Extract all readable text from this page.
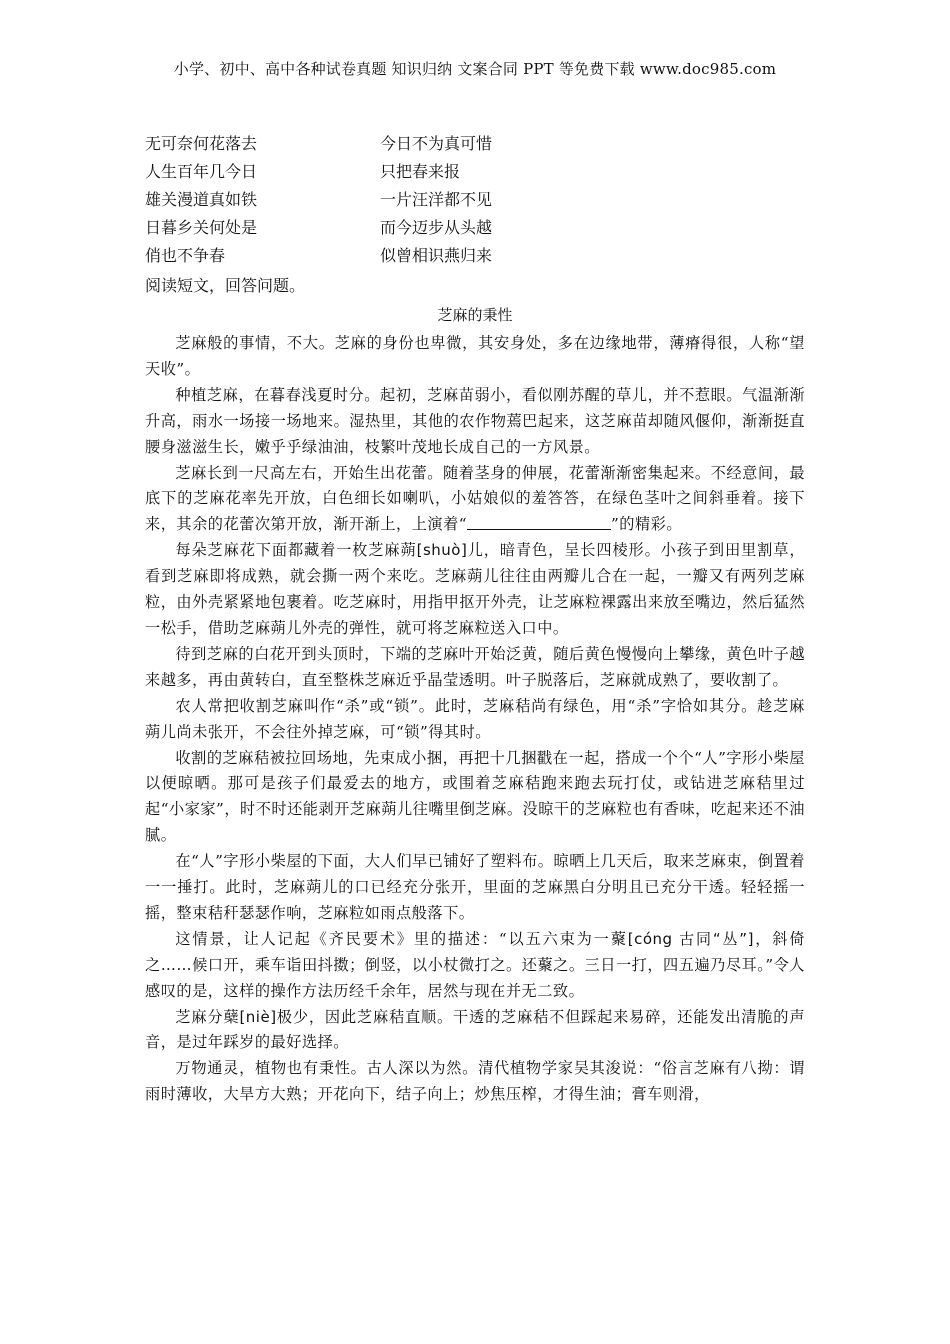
小学、初中、高中各种试卷真题 知识归纳 文案合同 PPT 等免费下载 www.doc985.com
无可奈何花落去	今日不为真可惜
人生百年几今日	只把春来报
雄关漫道真如铁	一片汪洋都不见
日暮乡关何处是	而今迈步从头越
俏也不争春	似曾相识燕归来
阅读短文，回答问题。
芝麻的秉性

芝麻般的事情，不大。芝麻的身份也卑微，其安身处，多在边缘地带，薄瘠得很，人称“望天收”。

种植芝麻，在暮春浅夏时分。起初，芝麻苗弱小，看似刚苏醒的草儿，并不惹眼。气温渐渐升高，雨水一场接一场地来。湿热里，其他的农作物蔫巴起来，这芝麻苗却随风偃仰，渐渐挺直腰身滋滋生长，嫩乎乎绿油油，枝繁叶茂地长成自己的一方风景。

芝麻长到一尺高左右，开始生出花蕾。随着茎身的伸展，花蕾渐渐密集起来。不经意间，最底下的芝麻花率先开放，白色细长如喇叭，小姑娘似的羞答答，在绿色茎叶之间斜垂着。接下来，其余的花蕾次第开放，渐开渐上，上演着“	”的精彩。

每朵芝麻花下面都藏着一枚芝麻蒴[shuò]儿，暗青色，呈长四棱形。小孩子到田里割草，看到芝麻即将成熟，就会撕一两个来吃。芝麻蒴儿往往由两瓣儿合在一起，一瓣又有两列芝麻粒，由外壳紧紧地包裹着。吃芝麻时，用指甲抠开外壳，让芝麻粒裸露出来放至嘴边，然后猛然一松手，借助芝麻蒴儿外壳的弹性，就可将芝麻粒送入口中。

待到芝麻的白花开到头顶时，下端的芝麻叶开始泛黄，随后黄色慢慢向上攀缘，黄色叶子越来越多，再由黄转白，直至整株芝麻近乎晶莹透明。叶子脱落后，芝麻就成熟了，要收割了。

农人常把收割芝麻叫作“杀”或“锁”。此时，芝麻秸尚有绿色，用“杀”字恰如其分。趁芝麻蒴儿尚未张开，不会往外掉芝麻，可“锁”得其时。

收割的芝麻秸被拉回场地，先束成小捆，再把十几捆戳在一起，搭成一个个“人”字形小柴屋以便晾晒。那可是孩子们最爱去的地方，或围着芝麻秸跑来跑去玩打仗，或钻进芝麻秸里过起“小家家”，时不时还能剥开芝麻蒴儿往嘴里倒芝麻。没晾干的芝麻粒也有香味，吃起来还不油腻。

在“人”字形小柴屋的下面，大人们早已铺好了塑料布。晾晒上几天后，取来芝麻束，倒置着一一捶打。此时，芝麻蒴儿的口已经充分张开，里面的芝麻黑白分明且已充分干透。轻轻摇一摇，整束秸秆瑟瑟作响，芝麻粒如雨点般落下。

这情景，让人记起《齐民要术》里的描述：“以五六束为一藂[cóng 古同“丛”]，斜倚之……候口开，乘车诣田抖擞；倒竖，以小杖微打之。还藂之。三日一打，四五遍乃尽耳。”令人感叹的是，这样的操作方法历经千余年，居然与现在并无二致。

芝麻分蘖[niè]极少，因此芝麻秸直顺。干透的芝麻秸不但踩起来易碎，还能发出清脆的声音，是过年踩岁的最好选择。

万物通灵，植物也有秉性。古人深以为然。清代植物学家吴其浚说：“俗言芝麻有八拗：谓雨时薄收，大旱方大熟；开花向下，结子向上；炒焦压榨，才得生油；膏车则滑，
